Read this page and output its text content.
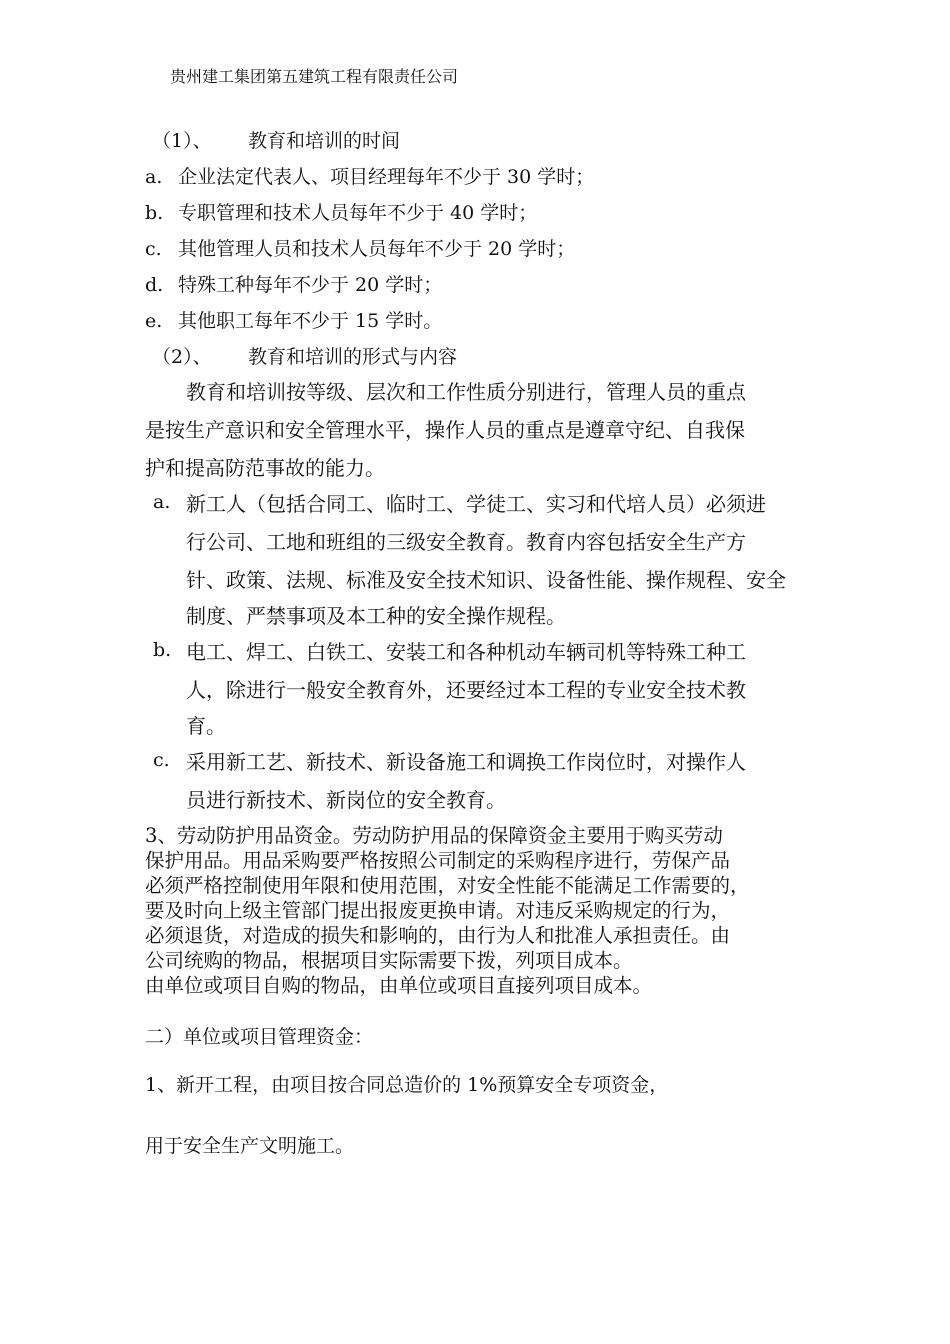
贵州建工集团第五建筑工程有限责任公司

（1）、 教育和培训的时间

a. 企业法定代表人、项目经理每年不少于 30 学时；

b. 专职管理和技术人员每年不少于 40 学时；

c. 其他管理人员和技术人员每年不少于 20 学时；

d. 特殊工种每年不少于 20 学时；

e. 其他职工每年不少于 15 学时。

（2）、 教育和培训的形式与内容

教育和培训按等级、层次和工作性质分别进行，管理人员的重点

是按生产意识和安全管理水平，操作人员的重点是遵章守纪、自我保

护和提高防范事故的能力。

a. 新工人（包括合同工、临时工、学徒工、实习和代培人员）必须进

行公司、工地和班组的三级安全教育。教育内容包括安全生产方

针、政策、法规、标准及安全技术知识、设备性能、操作规程、安全

制度、严禁事项及本工种的安全操作规程。

b. 电工、焊工、白铁工、安装工和各种机动车辆司机等特殊工种工

人，除进行一般安全教育外，还要经过本工程的专业安全技术教

育。

c. 采用新工艺、新技术、新设备施工和调换工作岗位时，对操作人

员进行新技术、新岗位的安全教育。

3、劳动防护用品资金。劳动防护用品的保障资金主要用于购买劳动

保护用品。用品采购要严格按照公司制定的采购程序进行，劳保产品

必须严格控制使用年限和使用范围，对安全性能不能满足工作需要的，

要及时向上级主管部门提出报废更换申请。对违反采购规定的行为，

必须退货，对造成的损失和影响的，由行为人和批准人承担责任。由

公司统购的物品，根据项目实际需要下拨，列项目成本。

由单位或项目自购的物品，由单位或项目直接列项目成本。

二）单位或项目管理资金：

1、新开工程，由项目按合同总造价的 1%预算安全专项资金，

用于安全生产文明施工。
